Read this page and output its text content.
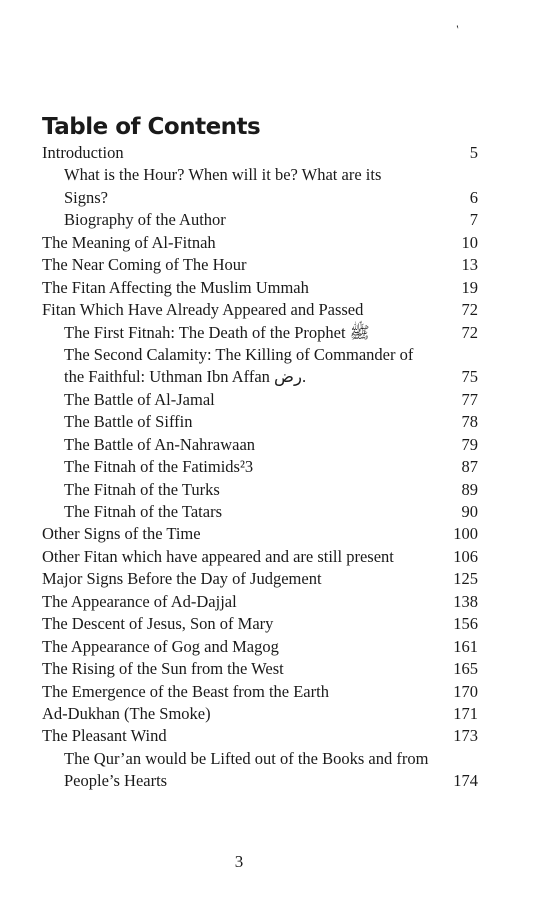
′
Table of Contents
Introduction	5
What is the Hour? When will it be? What are its
Signs?	6
Biography of the Author	7
The Meaning of Al-Fitnah	10
The Near Coming of The Hour	13
The Fitan Affecting the Muslim Ummah	19
Fitan Which Have Already Appeared and Passed	72
The First Fitnah: The Death of the Prophet ﷺ	72
The Second Calamity: The Killing of Commander of
the Faithful: Uthman Ibn Affan رض.	75
The Battle of Al-Jamal	77
The Battle of Siffin	78
The Battle of An-Nahrawaan	79
The Fitnah of the Fatimids²3	87
The Fitnah of the Turks	89
The Fitnah of the Tatars	90
Other Signs of the Time	100
Other Fitan which have appeared and are still present	106
Major Signs Before the Day of Judgement	125
The Appearance of Ad-Dajjal	138
The Descent of Jesus, Son of Mary	156
The Appearance of Gog and Magog	161
The Rising of the Sun from the West	165
The Emergence of the Beast from the Earth	170
Ad-Dukhan (The Smoke)	171
The Pleasant Wind	173
The Qur’an would be Lifted out of the Books and from
People’s Hearts	174
3
